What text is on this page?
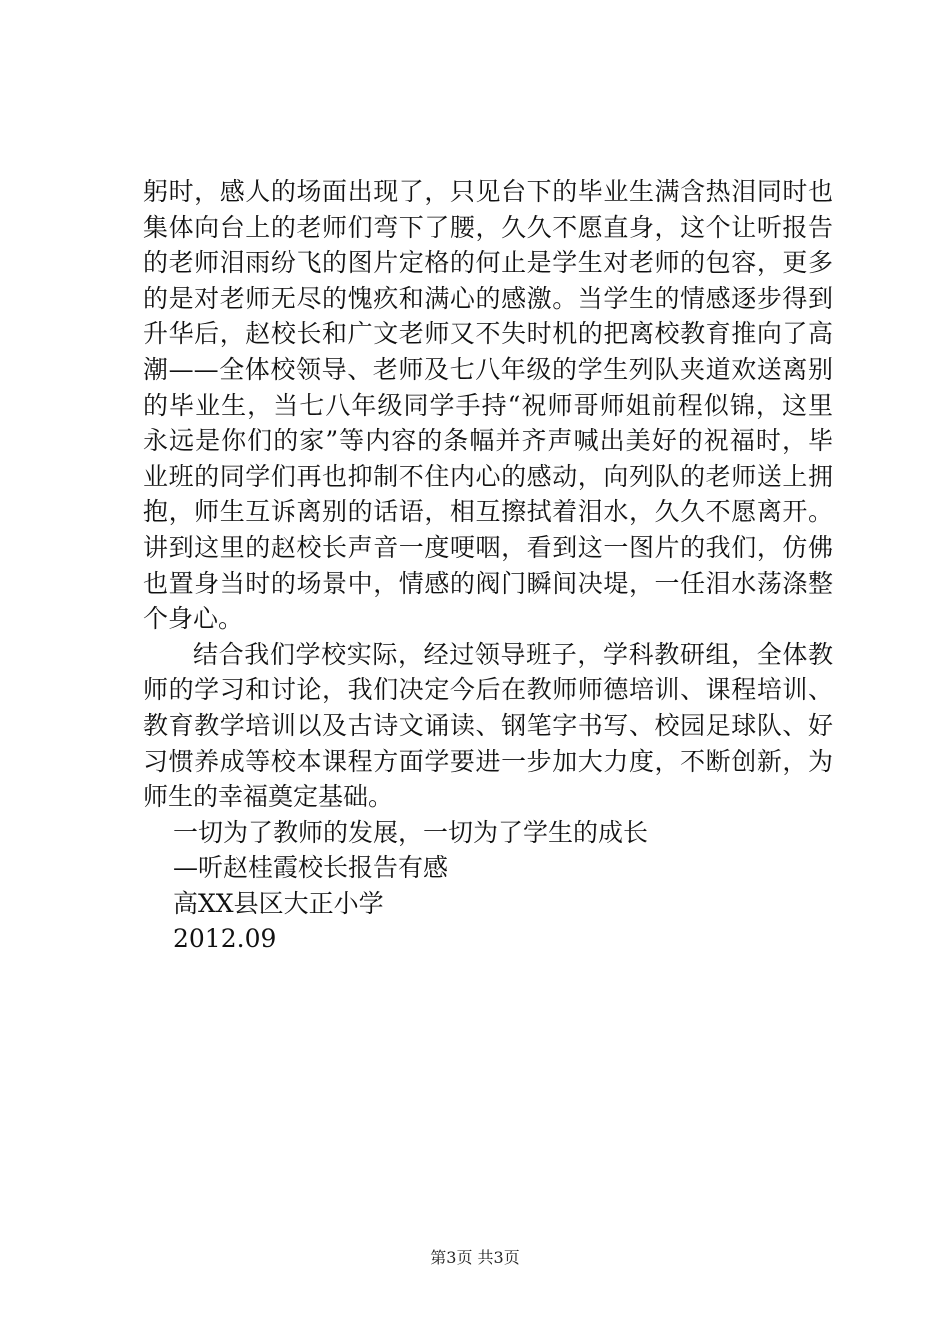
躬时，感人的场面出现了，只见台下的毕业生满含热泪同时也
集体向台上的老师们弯下了腰，久久不愿直身，这个让听报告
的老师泪雨纷飞的图片定格的何止是学生对老师的包容，更多
的是对老师无尽的愧疚和满心的感激。当学生的情感逐步得到
升华后，赵校长和广文老师又不失时机的把离校教育推向了高
潮——全体校领导、老师及七八年级的学生列队夹道欢送离别
的毕业生，当七八年级同学手持“祝师哥师姐前程似锦，这里
永远是你们的家”等内容的条幅并齐声喊出美好的祝福时，毕
业班的同学们再也抑制不住内心的感动，向列队的老师送上拥
抱，师生互诉离别的话语，相互擦拭着泪水，久久不愿离开。
讲到这里的赵校长声音一度哽咽，看到这一图片的我们，仿佛
也置身当时的场景中，情感的阀门瞬间决堤，一任泪水荡涤整
个身心。
结合我们学校实际，经过领导班子，学科教研组，全体教
师的学习和讨论，我们决定今后在教师师德培训、课程培训、
教育教学培训以及古诗文诵读、钢笔字书写、校园足球队、好
习惯养成等校本课程方面学要进一步加大力度，不断创新，为
师生的幸福奠定基础。
一切为了教师的发展，一切为了学生的成长
—听赵桂霞校长报告有感
高XX县区大正小学
2012.09
第3页 共3页
